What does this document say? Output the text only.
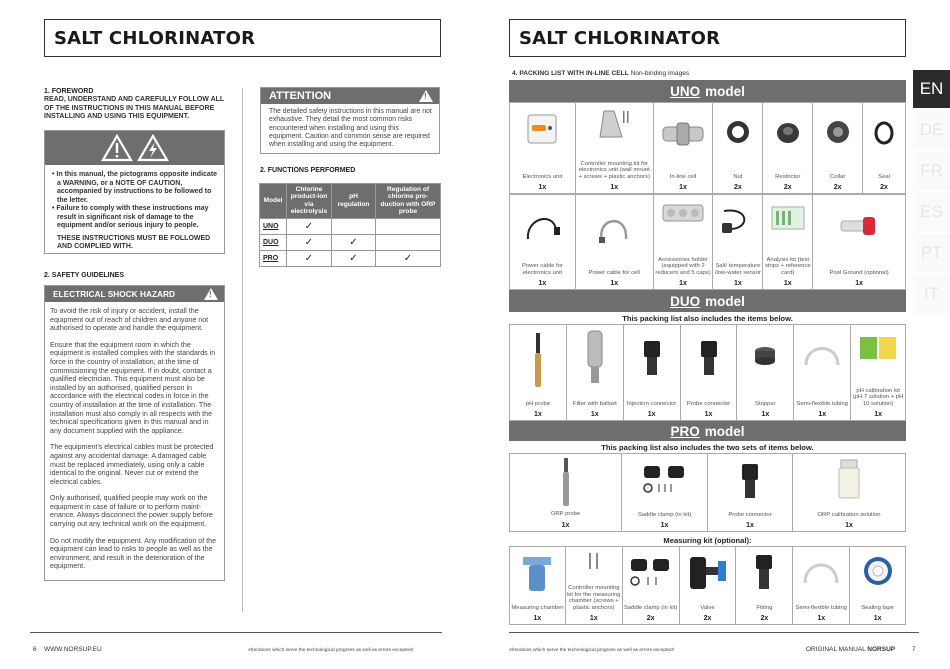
SALT CHLORINATOR
1. FOREWORD
READ, UNDERSTAND AND CAREFULLY FOLLOW ALL OF THE INSTRUCTIONS IN THIS MANUAL BEFORE INSTALLING AND USING THIS EQUIPMENT.
• In this manual, the pictograms opposite indicate a WARNING, or a NOTE OF CAUTION, accompanied by instructions to be followed to the letter.
• Failure to comply with these instructions may result in significant risk of damage to the equipment and/or serious injury to people.
THESE INSTRUCTIONS MUST BE FOLLOWED AND COMPLIED WITH.
2. SAFETY GUIDELINES
ELECTRICAL SHOCK HAZARD
!

To avoid the risk of injury or accident, install the equipment out of reach of children and anyone not authorised to operate and handle the equipment.

Ensure that the equipment room in which the equipment is installed complies with the standards in force in the country of installation, at the time of commissioning the equipment. If in doubt, contact a qualified electrician. This equipment must also be installed by an authorised, qualified person in accordance with the electrical codes in force in the country of installation at the time of installation. The installation must also comply in all respects with the technical specifications given in this manual and in any document supplied with the appliance.

The equipment's electrical cables must be protected against any accidental damage. A damaged cable must be replaced immediately, using only a cable identical to the original. Never cut or extend the electrical cables.

Only authorised, qualified people may work on the equipment in case of failure or to perform maint-enance. Always disconnect the power supply before carrying out any technical work on the equipment.

Do not modify the equipment. Any modification of the equipment can lead to risks to people as well as the environment, and result in the deterioration of the equipment.

ATTENTION
!

The detailed safety instructions in this manual are not exhaustive. They detail the most common risks encountered when installing and using this equipment. Caution and common sense are required when installing and using the equipment.

2. FUNCTIONS PERFORMED
Model	Chlorine product-ion via electrolysis	pH regulation	Regulation of chlorine pro-duction with ORP probe
UNO	✓		
DUO	✓	✓	
PRO	✓	✓	✓
6 WWW.NORSUP.EU	Alterations which serve the technological progress as well as errors excepted!
SALT CHLORINATOR
4. PACKING LIST WITH IN-LINE CELL Non-binding images
UNO model
Electronics unit
1x
Controller mounting kit for electronics unit (wall mount + screws + plastic anchors)
1x
In-line cell
1x
Nut
2x
Restrictor
2x
Collar
2x
Seal
2x
Power cable for electronics unit
1x
Power cable for cell
1x
Accessories holder (equipped with 2 reducers and 5 caps)
1x
Salt/ temperature /low-water sensor
1x
Analysis kit (test strips + reference card)
1x
Pool Ground (optional)
1x
DUO model
This packing list also includes the items below.
pH probe
1x
Filter with ballast
1x
Injection connector
1x
Probe connector
1x
Stopper
1x
Semi-flexible tubing
1x
pH calibration kit (pH 7 solution + pH 10 solution)
1x
PRO model
This packing list also includes the two sets of items below.
ORP probe
1x
Saddle clamp (in kit)
1x
Probe connector
1x
ORP calibration solution
1x
Measuring kit (optional):
Measuring chamber
1x
Controller mounting kit for the measuring chamber (screws + plastic anchors)
1x
Saddle clamp (in kit)
2x
Valve
2x
Fitting
2x
Semi-flexible tubing
1x
Sealing tape
1x
EN
DE
FR
ES
PT
IT
Alterations which serve the technological progress as well as errors excepted!	ORIGINAL MANUAL NORSUP	7
